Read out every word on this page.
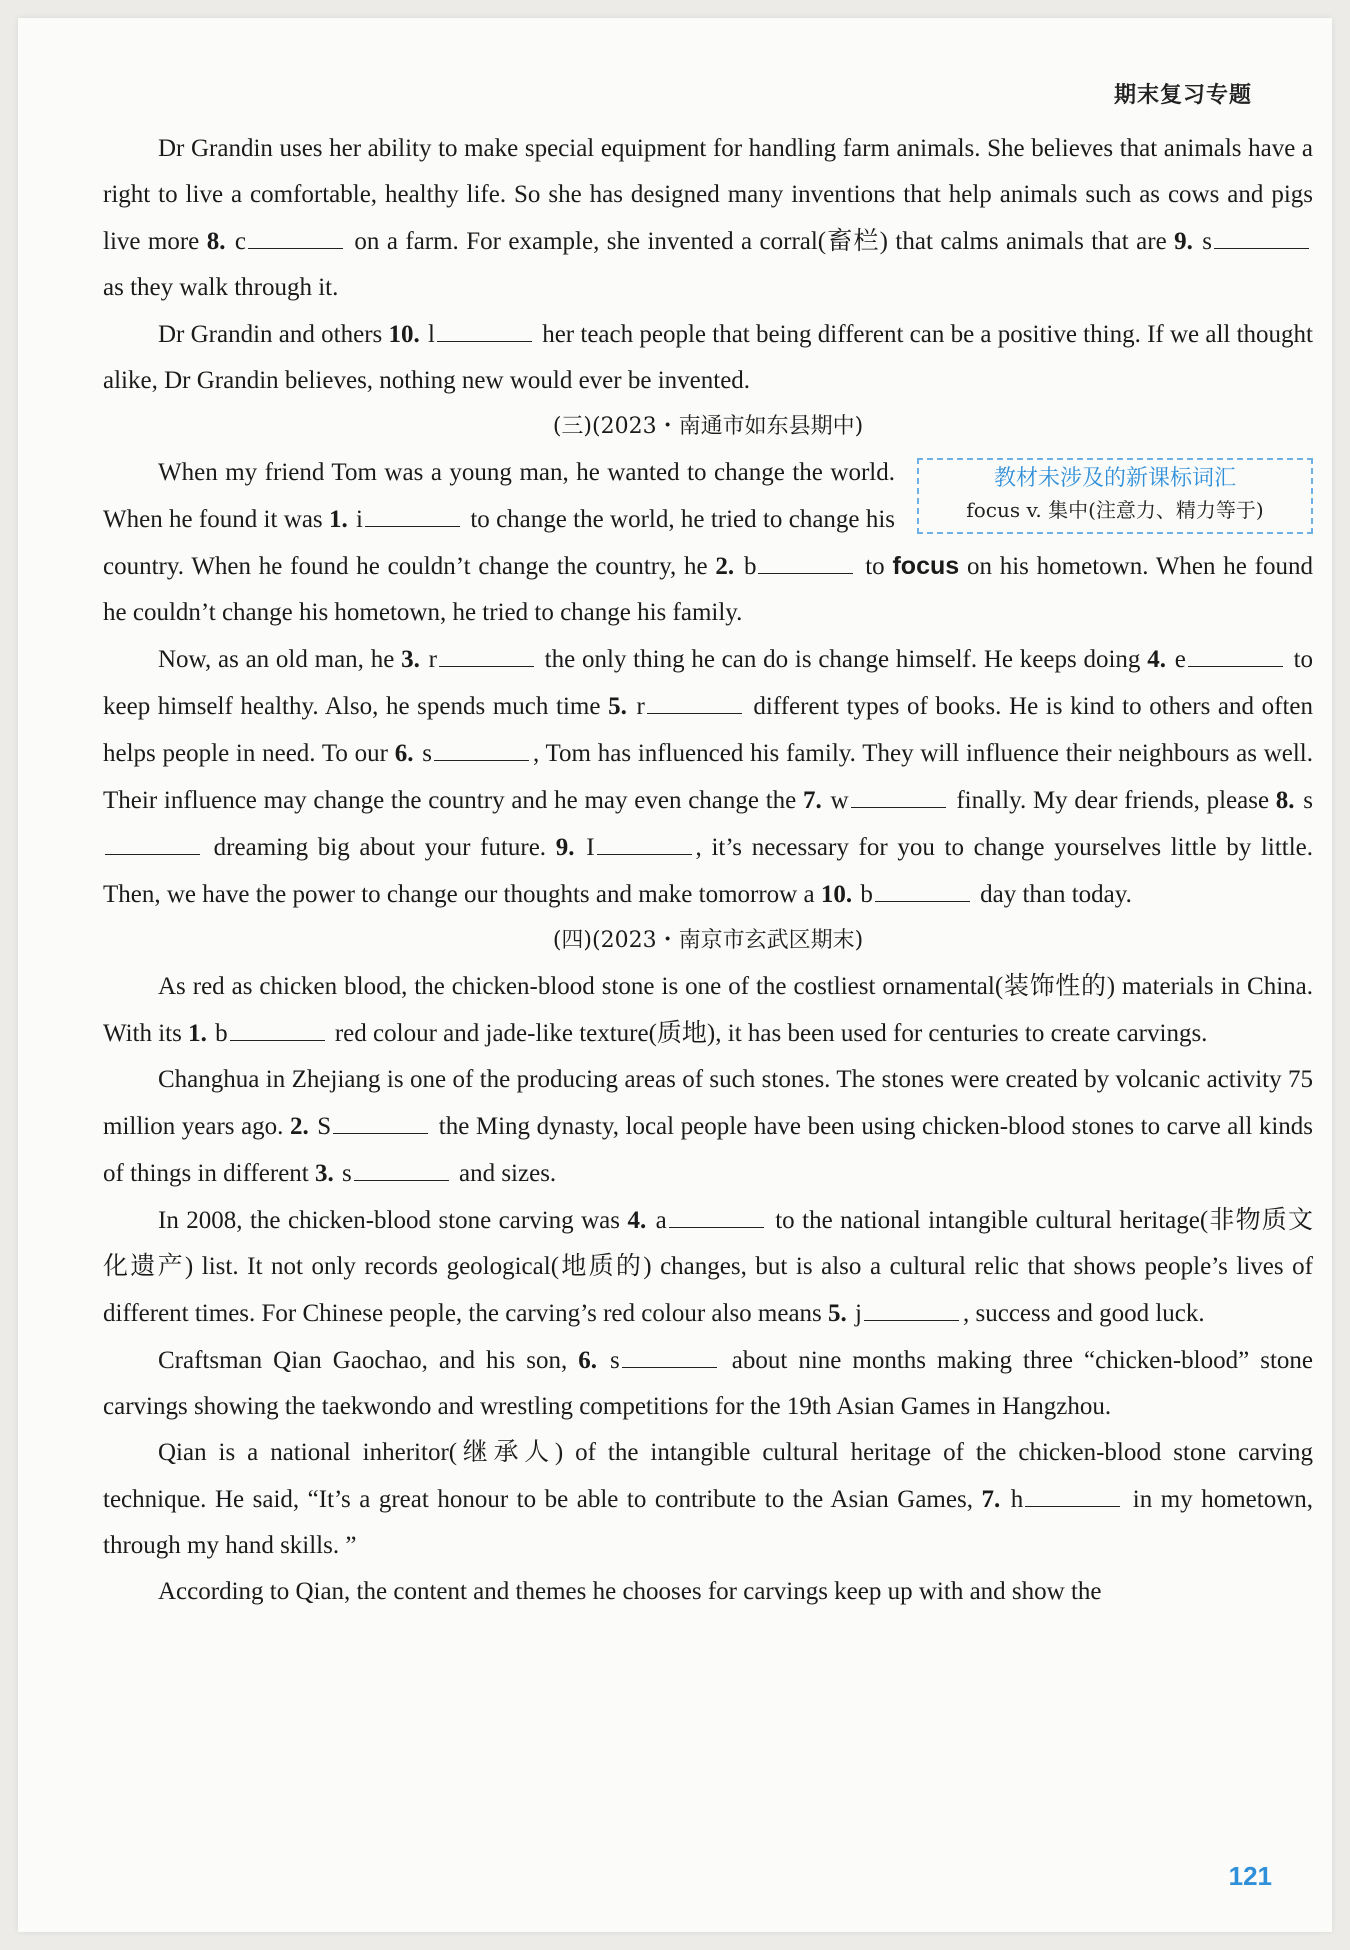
期末复习专题

Dr Grandin uses her ability to make special equipment for handling farm animals. She believes that animals have a right to live a comfortable, healthy life. So she has designed many inventions that help animals such as cows and pigs live more 8. c	on a farm. For example, she invented a corral(畜栏) that calms animals that are 9. s as they walk through it.

Dr Grandin and others 10. l	her teach people that being different can be a positive thing. If we all thought alike, Dr Grandin believes, nothing new would ever be invented.

(三)(2023・南通市如东县期中)

教材未涉及的新课标词汇
focus v. 集中(注意力、精力等于)
When my friend Tom was a young man, he wanted to change the world. When he found it was 1. i	to change the world, he tried to change his country. When he found he couldn’t change the country, he 2. b	to focus on his hometown. When he found he couldn’t change his hometown, he tried to change his family.

Now, as an old man, he 3. r	the only thing he can do is change himself. He keeps doing 4. e	to keep himself healthy. Also, he spends much time 5. r	different types of books. He is kind to others and often helps people in need. To our 6. s	, Tom has influenced his family. They will influence their neighbours as well. Their influence may change the country and he may even change the 7. w	finally. My dear friends, please 8. s dreaming big about your future. 9. I	, it’s necessary for you to change yourselves little by little. Then, we have the power to change our thoughts and make tomorrow a 10. b	day than today.

(四)(2023・南京市玄武区期末)

As red as chicken blood, the chicken-blood stone is one of the costliest ornamental(装饰性的) materials in China. With its 1. b	red colour and jade-like texture(质地), it has been used for centuries to create carvings.

Changhua in Zhejiang is one of the producing areas of such stones. The stones were created by volcanic activity 75 million years ago. 2. S	the Ming dynasty, local people have been using chicken-blood stones to carve all kinds of things in different 3. s	and sizes.

In 2008, the chicken-blood stone carving was 4. a	to the national intangible cultural heritage(非物质文化遗产) list. It not only records geological(地质的) changes, but is also a cultural relic that shows people’s lives of different times. For Chinese people, the carving’s red colour also means 5. j	, success and good luck.

Craftsman Qian Gaochao, and his son, 6. s	about nine months making three “chicken-blood” stone carvings showing the taekwondo and wrestling competitions for the 19th Asian Games in Hangzhou.

Qian is a national inheritor(继承人) of the intangible cultural heritage of the chicken-blood stone carving technique. He said, “It’s a great honour to be able to contribute to the Asian Games, 7. h	in my hometown, through my hand skills. ”

According to Qian, the content and themes he chooses for carvings keep up with and show the

121
